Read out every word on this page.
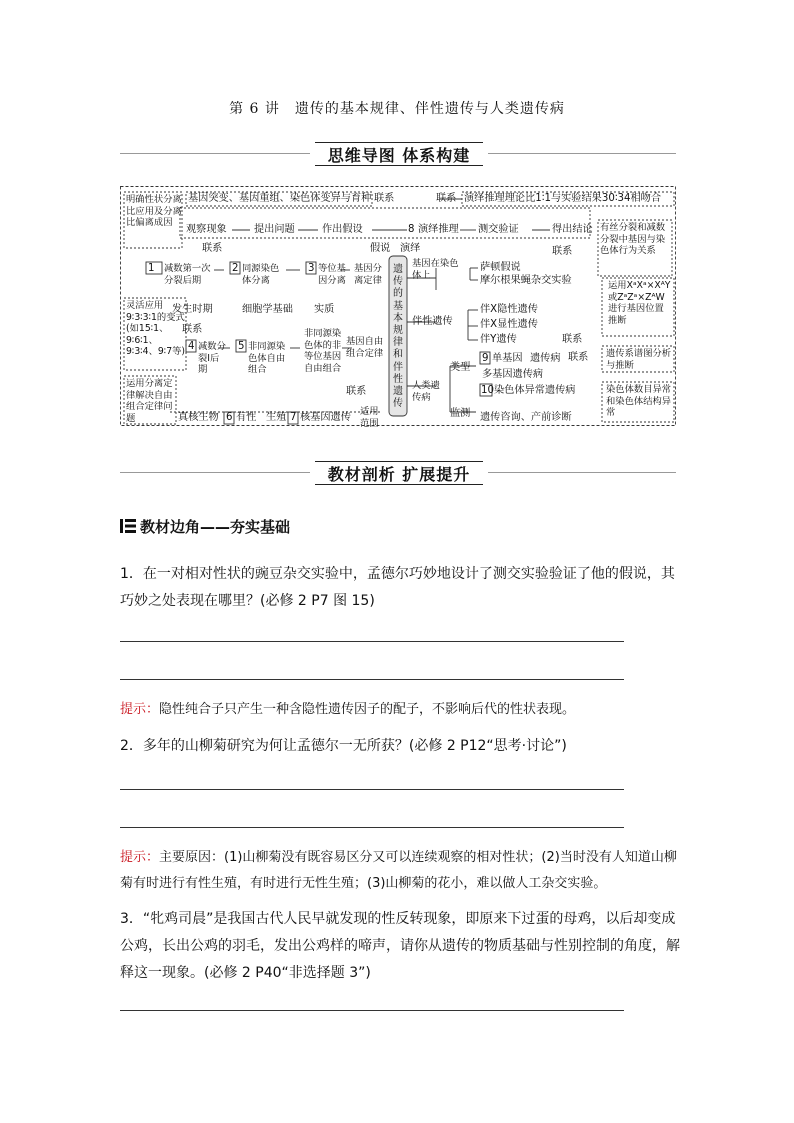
第 6 讲　遗传的基本规律、伴性遗传与人类遗传病
思维导图 体系构建
明确性状分离比应用及分离比偏离成因
基因突变、基因重组、染色体变异与育种 联系
观察现象	提出问题	作出假设	8 演绎推理 测交验证	得出结论
联系 演绎推理理论比1∶1与实验结果30∶34相吻合
有丝分裂和减数分裂中基因与染色体行为关系
联系
联系	假说 演绎
1 减数第一次分裂后期
2 同源染色体分离
3 等位基因分离
基因分离定律
遗传的基本规律和伴性遗传
基因在染色体上
萨顿假说
摩尔根果蝇杂交实验	运用XᵃXᵃ×XᴬY或ZᵃZᵃ×ZᴬW进行基因位置推断
发生时期	细胞学基础 实质
伴性遗传
伴X隐性遗传
伴X显性遗传
伴Y遗传	联系
灵活应用9∶3∶3∶1的变式(如15∶1、9∶6∶1、9∶3∶4、9∶7等)
联系
4 减数分裂Ⅰ后期
5 非同源染色体自由组合
非同源染色体的非等位基因自由组合
基因自由组合定律
联系
运用分离定律解决自由组合定律问题	真核生物 6 有性 生殖 7 核基因遗传
适用范围
人类遗传病
类型
9 单基因 遗传病
多基因遗传病
10 染色体异常遗传病
监测 遗传咨询、产前诊断
联系 遗传系谱图分析与推断
染色体数目异常和染色体结构异常
教材剖析 扩展提升
教材边角——夯实基础
1．在一对相对性状的豌豆杂交实验中，孟德尔巧妙地设计了测交实验验证了他的假说，其巧妙之处表现在哪里？(必修 2 P7 图 15)
提示：隐性纯合子只产生一种含隐性遗传因子的配子，不影响后代的性状表现。
2．多年的山柳菊研究为何让孟德尔一无所获？(必修 2 P12“思考·讨论”)
提示：主要原因：(1)山柳菊没有既容易区分又可以连续观察的相对性状；(2)当时没有人知道山柳菊有时进行有性生殖，有时进行无性生殖；(3)山柳菊的花小，难以做人工杂交实验。
3．“牝鸡司晨”是我国古代人民早就发现的性反转现象，即原来下过蛋的母鸡，以后却变成公鸡，长出公鸡的羽毛，发出公鸡样的啼声，请你从遗传的物质基础与性别控制的角度，解释这一现象。(必修 2 P40“非选择题 3”)
